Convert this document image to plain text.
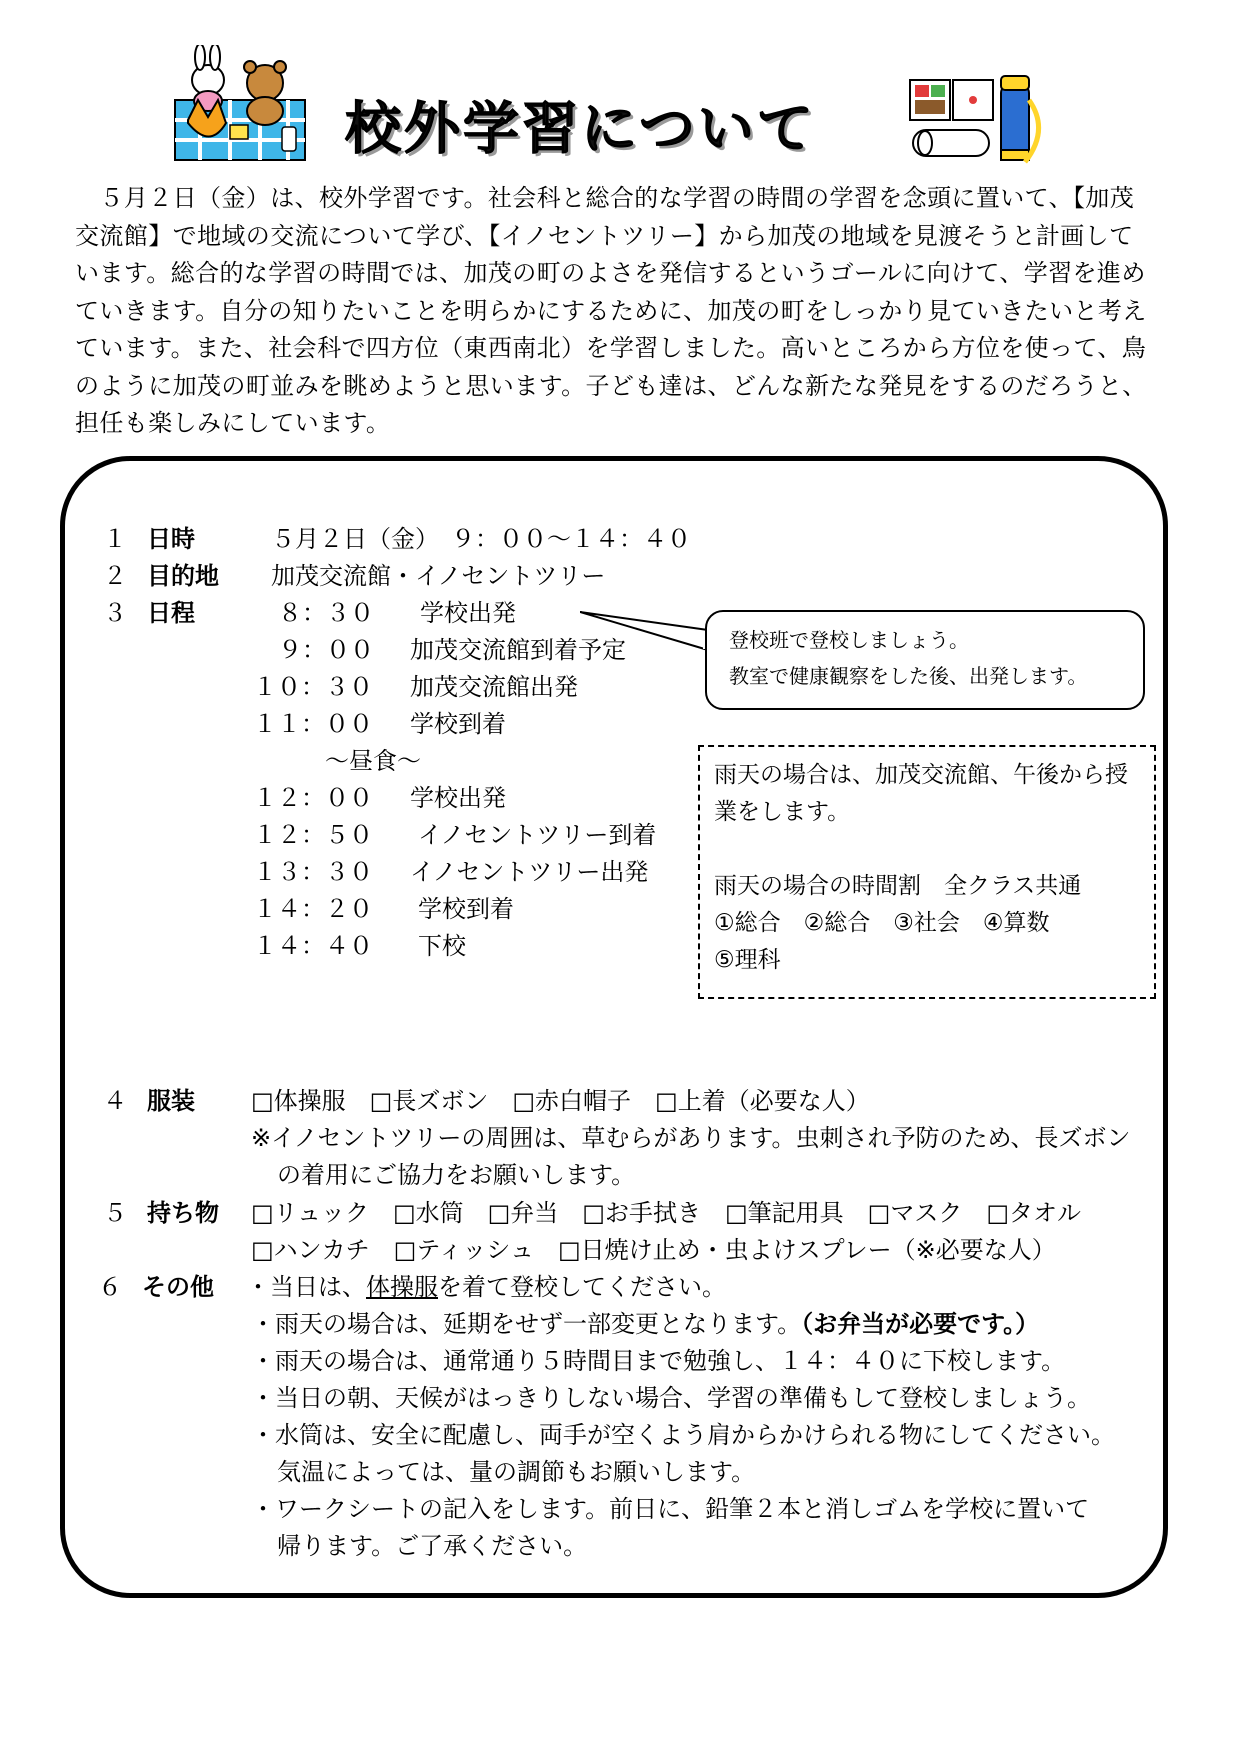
校外学習について
　５月２日（金）は、校外学習です。社会科と総合的な学習の時間の学習を念頭に置いて、【加茂
交流館】で地域の交流について学び、【イノセントツリー】から加茂の地域を見渡そうと計画して
います。総合的な学習の時間では、加茂の町のよさを発信するというゴールに向けて、学習を進め
ていきます。自分の知りたいことを明らかにするために、加茂の町をしっかり見ていきたいと考え
ています。また、社会科で四方位（東西南北）を学習しました。高いところから方位を使って、鳥
のように加茂の町並みを眺めようと思います。子ども達は、どんな新たな発見をするのだろうと、
担任も楽しみにしています。
１ 日時	５月２日（金）　９：００～１４：４０
２ 目的地 加茂交流館・イノセントツリー
３ 日程	８：３０ 学校出発
９：００ 加茂交流館到着予定
１０：３０ 加茂交流館出発
１１：００ 学校到着
～昼食～
１２：００ 学校出発
１２：５０ イノセントツリー到着
１３：３０ イノセントツリー出発
１４：２０ 学校到着
１４：４０ 下校
登校班で登校しましょう。
教室で健康観察をした後、出発します。
雨天の場合は、加茂交流館、午後から授
業をします。
雨天の場合の時間割　全クラス共通
①総合　②総合　③社会　④算数
⑤理科
４ 服装 □体操服　□長ズボン　□赤白帽子　□上着（必要な人）
※イノセントツリーの周囲は、草むらがあります。虫刺され予防のため、長ズボン
の着用にご協力をお願いします。
５ 持ち物 □リュック　□水筒　□弁当　□お手拭き　□筆記用具　□マスク　□タオル
□ハンカチ　□ティッシュ　□日焼け止め・虫よけスプレー（※必要な人）
６ その他 ・当日は、体操服を着て登校してください。
・雨天の場合は、延期をせず一部変更となります。（お弁当が必要です。）
・雨天の場合は、通常通り５時間目まで勉強し、１４：４０に下校します。
・当日の朝、天候がはっきりしない場合、学習の準備もして登校しましょう。
・水筒は、安全に配慮し、両手が空くよう肩からかけられる物にしてください。
気温によっては、量の調節もお願いします。
・ワークシートの記入をします。前日に、鉛筆２本と消しゴムを学校に置いて
帰ります。ご了承ください。
